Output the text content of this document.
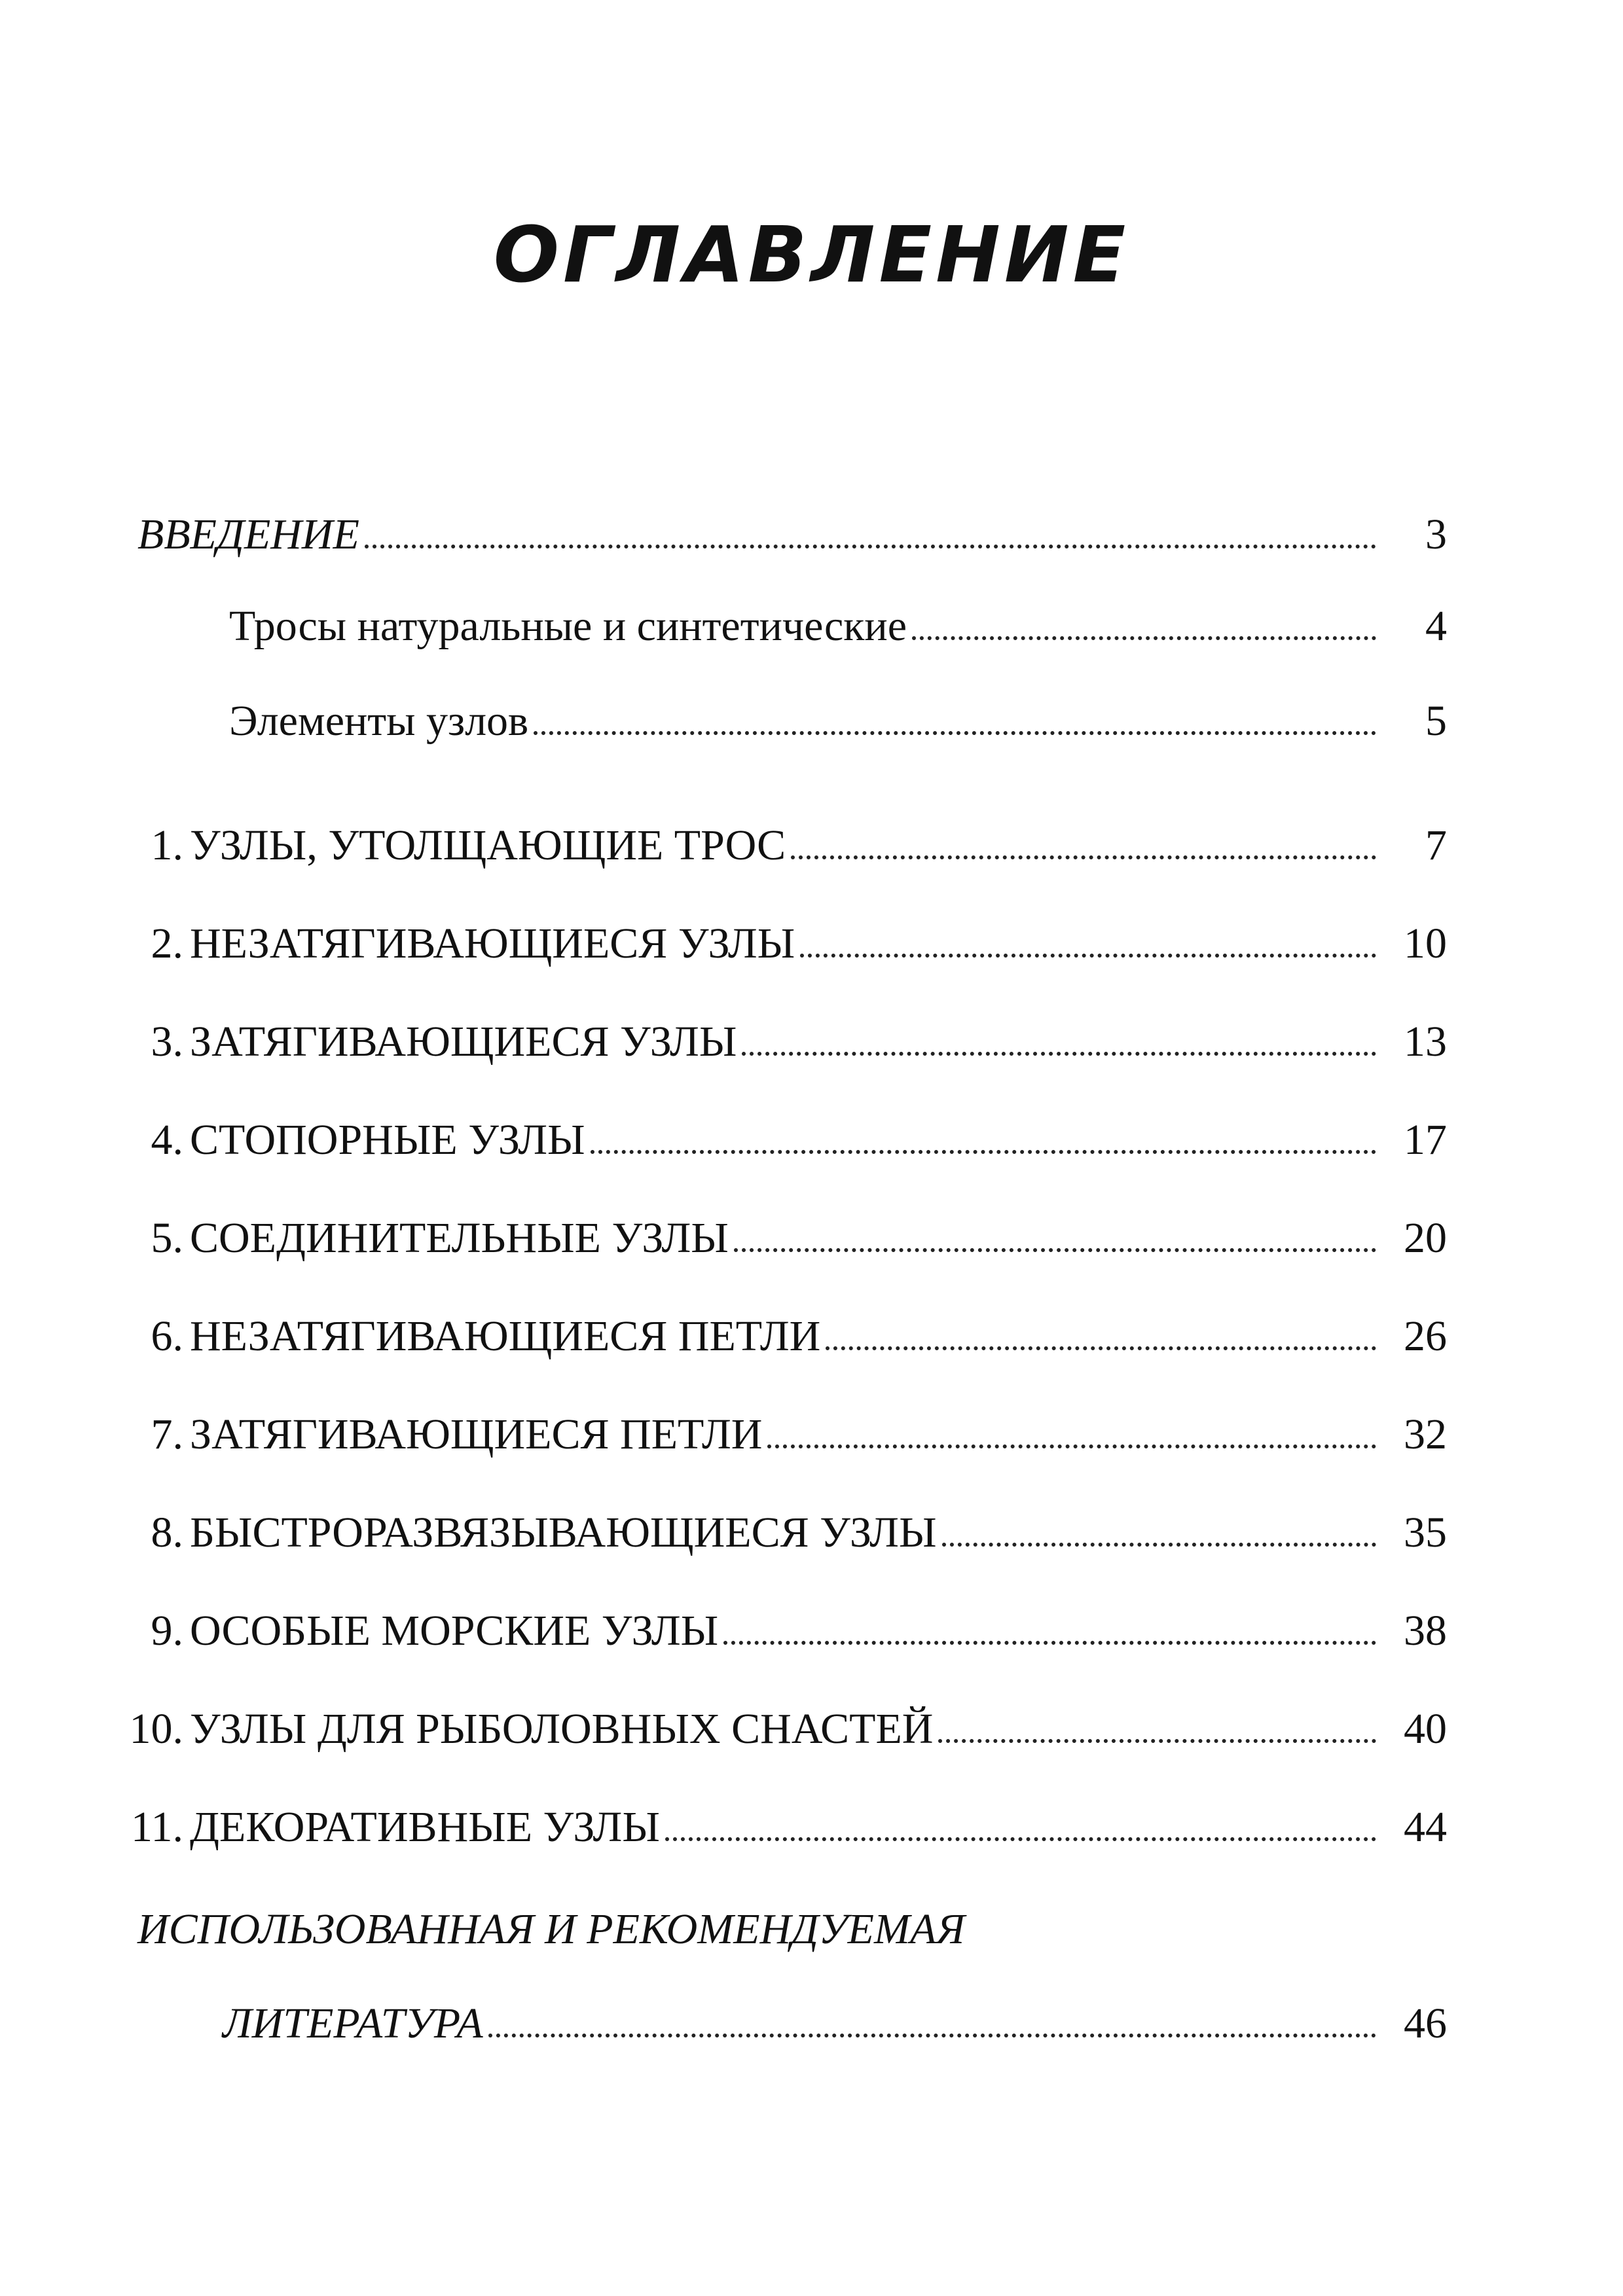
ОГЛАВЛЕНИЕ
ВВЕДЕНИЕ	3
Тросы натуральные и синтетические	4
Элементы узлов	5
1. УЗЛЫ, УТОЛЩАЮЩИЕ ТРОС	7
2. НЕЗАТЯГИВАЮЩИЕСЯ УЗЛЫ	10
3. ЗАТЯГИВАЮЩИЕСЯ УЗЛЫ	13
4. СТОПОРНЫЕ УЗЛЫ	17
5. СОЕДИНИТЕЛЬНЫЕ УЗЛЫ	20
6. НЕЗАТЯГИВАЮЩИЕСЯ ПЕТЛИ	26
7. ЗАТЯГИВАЮЩИЕСЯ ПЕТЛИ	32
8. БЫСТРОРАЗВЯЗЫВАЮЩИЕСЯ УЗЛЫ	35
9. ОСОБЫЕ МОРСКИЕ УЗЛЫ	38
10. УЗЛЫ ДЛЯ РЫБОЛОВНЫХ СНАСТЕЙ	40
11. ДЕКОРАТИВНЫЕ УЗЛЫ	44
ИСПОЛЬЗОВАННАЯ И РЕКОМЕНДУЕМАЯ
ЛИТЕРАТУРА	46
